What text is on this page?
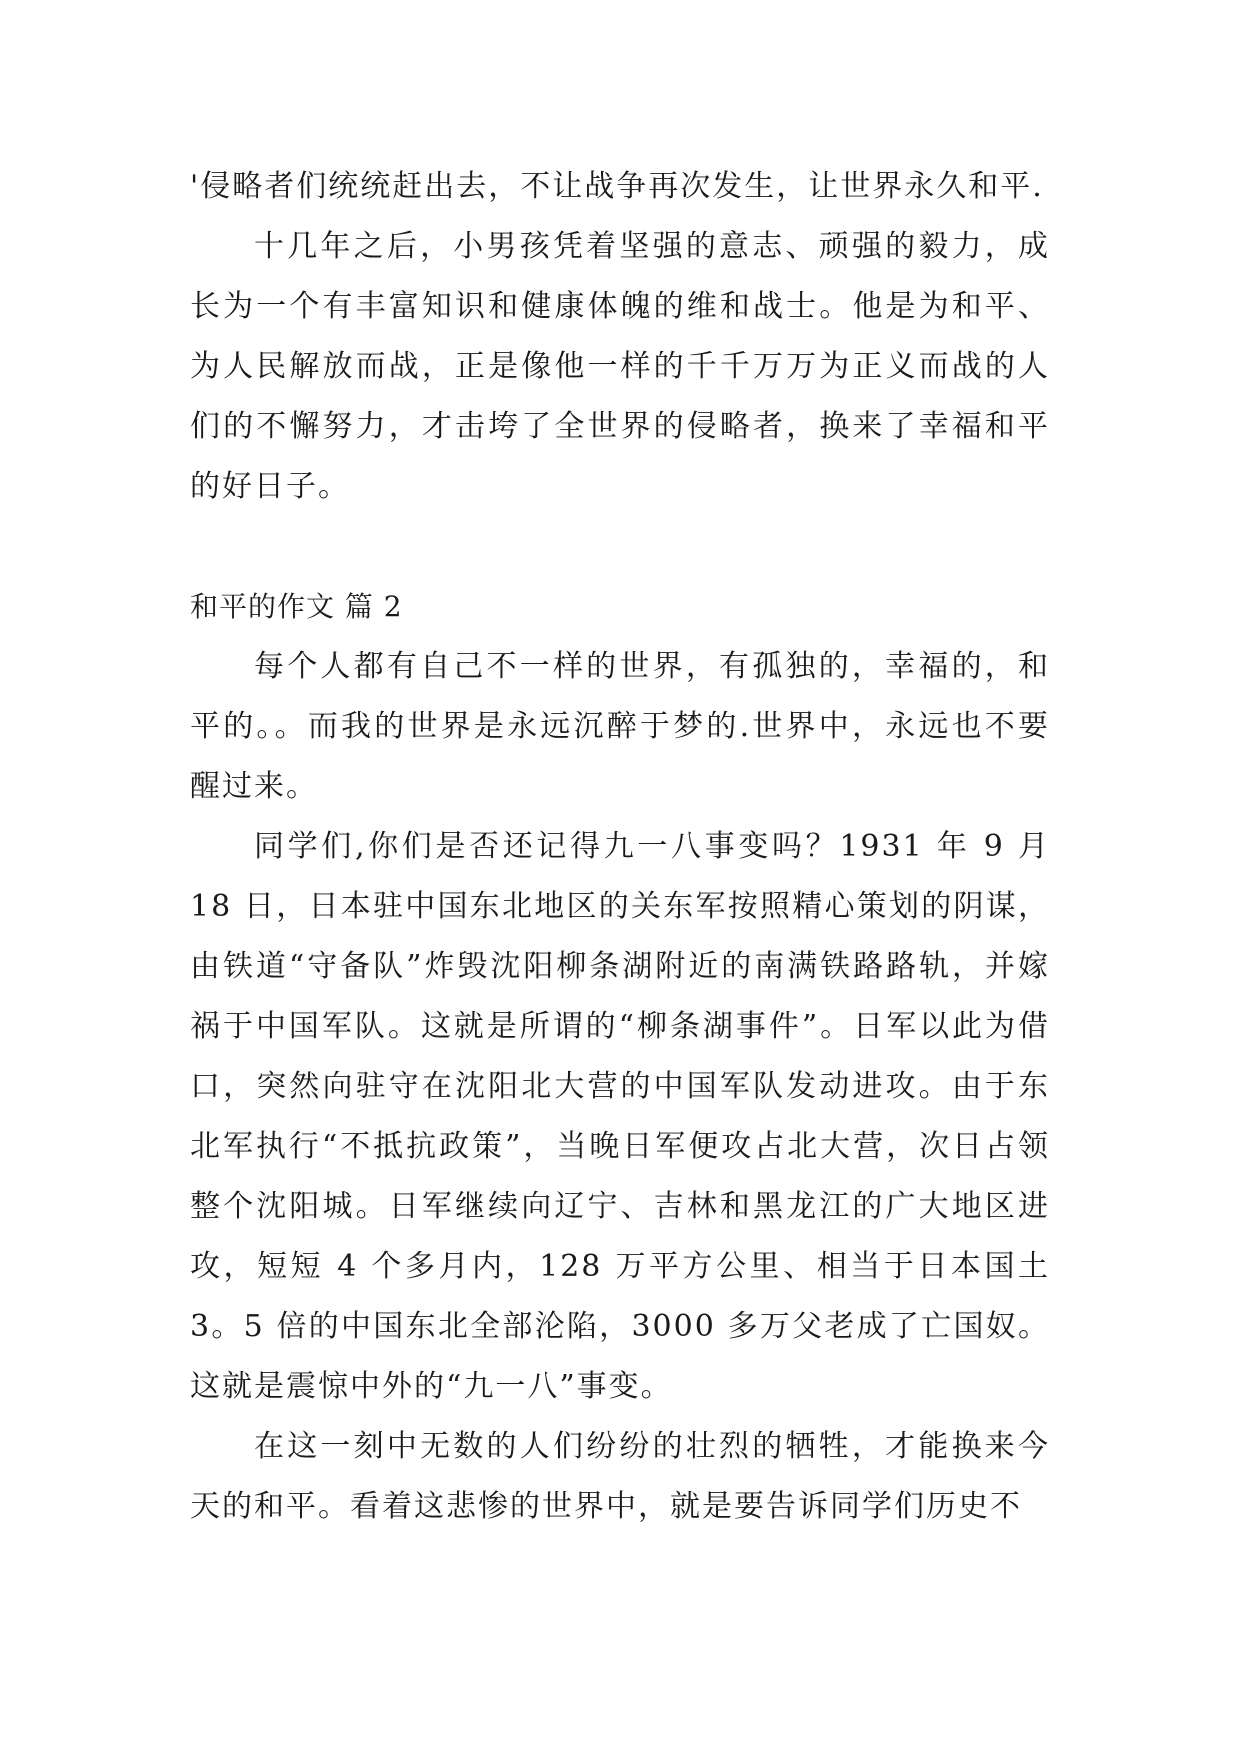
'侵略者们统统赶出去，不让战争再次发生，让世界永久和平.

十几年之后，小男孩凭着坚强的意志、顽强的毅力，成长为一个有丰富知识和健康体魄的维和战士。他是为和平、为人民解放而战，正是像他一样的千千万万为正义而战的人们的不懈努力，才击垮了全世界的侵略者，换来了幸福和平的好日子。

和平的作文 篇 2

每个人都有自己不一样的世界，有孤独的，幸福的，和平的。。而我的世界是永远沉醉于梦的.世界中，永远也不要醒过来。

同学们,你们是否还记得九一八事变吗？1931 年 9 月 18 日，日本驻中国东北地区的关东军按照精心策划的阴谋，由铁道“守备队”炸毁沈阳柳条湖附近的南满铁路路轨，并嫁祸于中国军队。这就是所谓的“柳条湖事件”。日军以此为借口，突然向驻守在沈阳北大营的中国军队发动进攻。由于东北军执行“不抵抗政策”，当晚日军便攻占北大营，次日占领整个沈阳城。日军继续向辽宁、吉林和黑龙江的广大地区进攻，短短 4 个多月内，128 万平方公里、相当于日本国土 3。5 倍的中国东北全部沦陷，3000 多万父老成了亡国奴。这就是震惊中外的“九一八”事变。

在这一刻中无数的人们纷纷的壮烈的牺牲，才能换来今天的和平。看着这悲惨的世界中，就是要告诉同学们历史不
